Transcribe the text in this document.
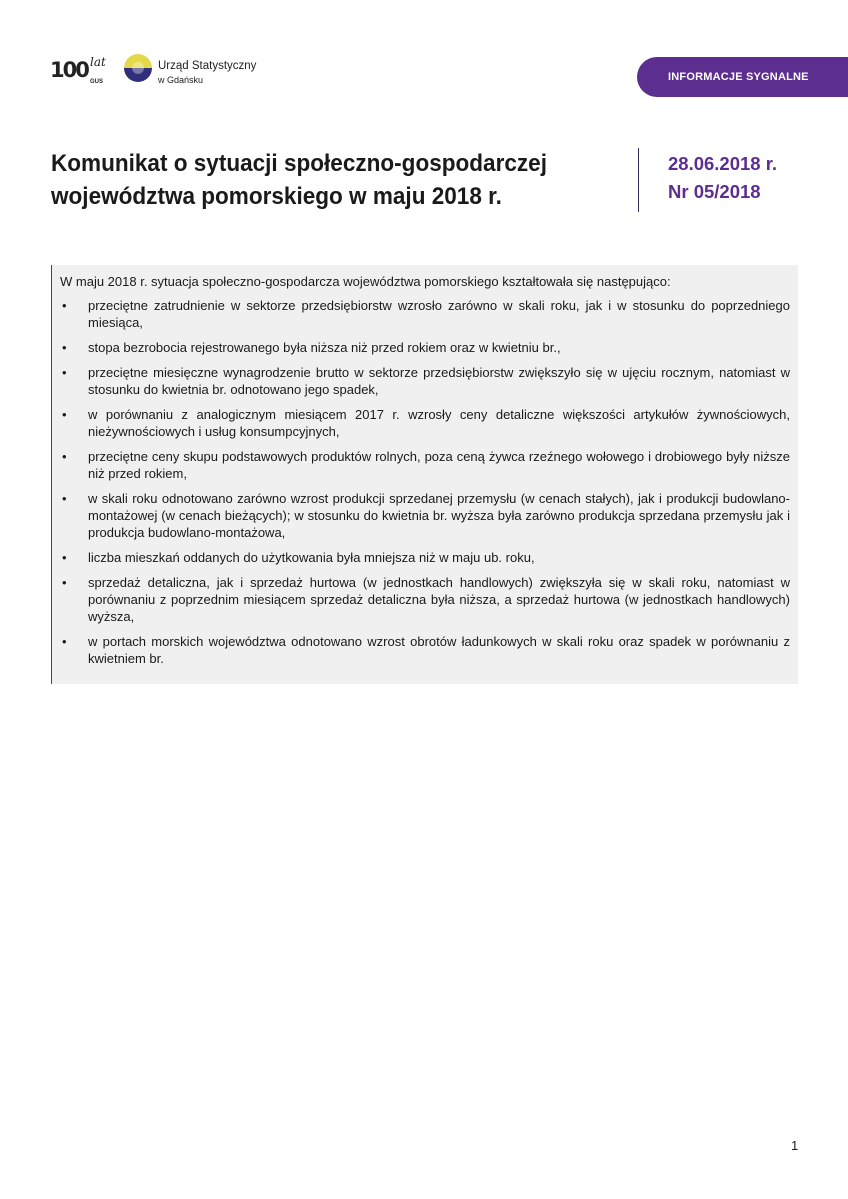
100 lat
GUS
Urząd Statystyczny
w Gdańsku	INFORMACJE SYGNALNE
Komunikat o sytuacji społeczno-gospodarczej
województwa pomorskiego w maju 2018 r.
28.06.2018 r.
Nr 05/2018

W maju 2018 r. sytuacja społeczno-gospodarcza województwa pomorskiego kształtowała się następująco:

• przeciętne zatrudnienie w sektorze przedsiębiorstw wzrosło zarówno w skali roku, jak i w stosunku do poprzedniego miesiąca,
• stopa bezrobocia rejestrowanego była niższa niż przed rokiem oraz w kwietniu br.,
• przeciętne miesięczne wynagrodzenie brutto w sektorze przedsiębiorstw zwiększyło się w ujęciu rocznym, natomiast w stosunku do kwietnia br. odnotowano jego spadek,
• w porównaniu z analogicznym miesiącem 2017 r. wzrosły ceny detaliczne większości artykułów żywnościowych, nieżywnościowych i usług konsumpcyjnych,
• przeciętne ceny skupu podstawowych produktów rolnych, poza ceną żywca rzeźnego wołowego i drobiowego były niższe niż przed rokiem,
• w skali roku odnotowano zarówno wzrost produkcji sprzedanej przemysłu (w cenach stałych), jak i produkcji budowlano-montażowej (w cenach bieżących); w stosunku do kwietnia br. wyższa była zarówno produkcja sprzedana przemysłu jak i produkcja budowlano-montażowa,
• liczba mieszkań oddanych do użytkowania była mniejsza niż w maju ub. roku,
• sprzedaż detaliczna, jak i sprzedaż hurtowa (w jednostkach handlowych) zwiększyła się w skali roku, natomiast w porównaniu z poprzednim miesiącem sprzedaż detaliczna była niższa, a sprzedaż hurtowa (w jednostkach handlowych) wyższa,
• w portach morskich województwa odnotowano wzrost obrotów ładunkowych w skali roku oraz spadek w porównaniu z kwietniem br.
1
